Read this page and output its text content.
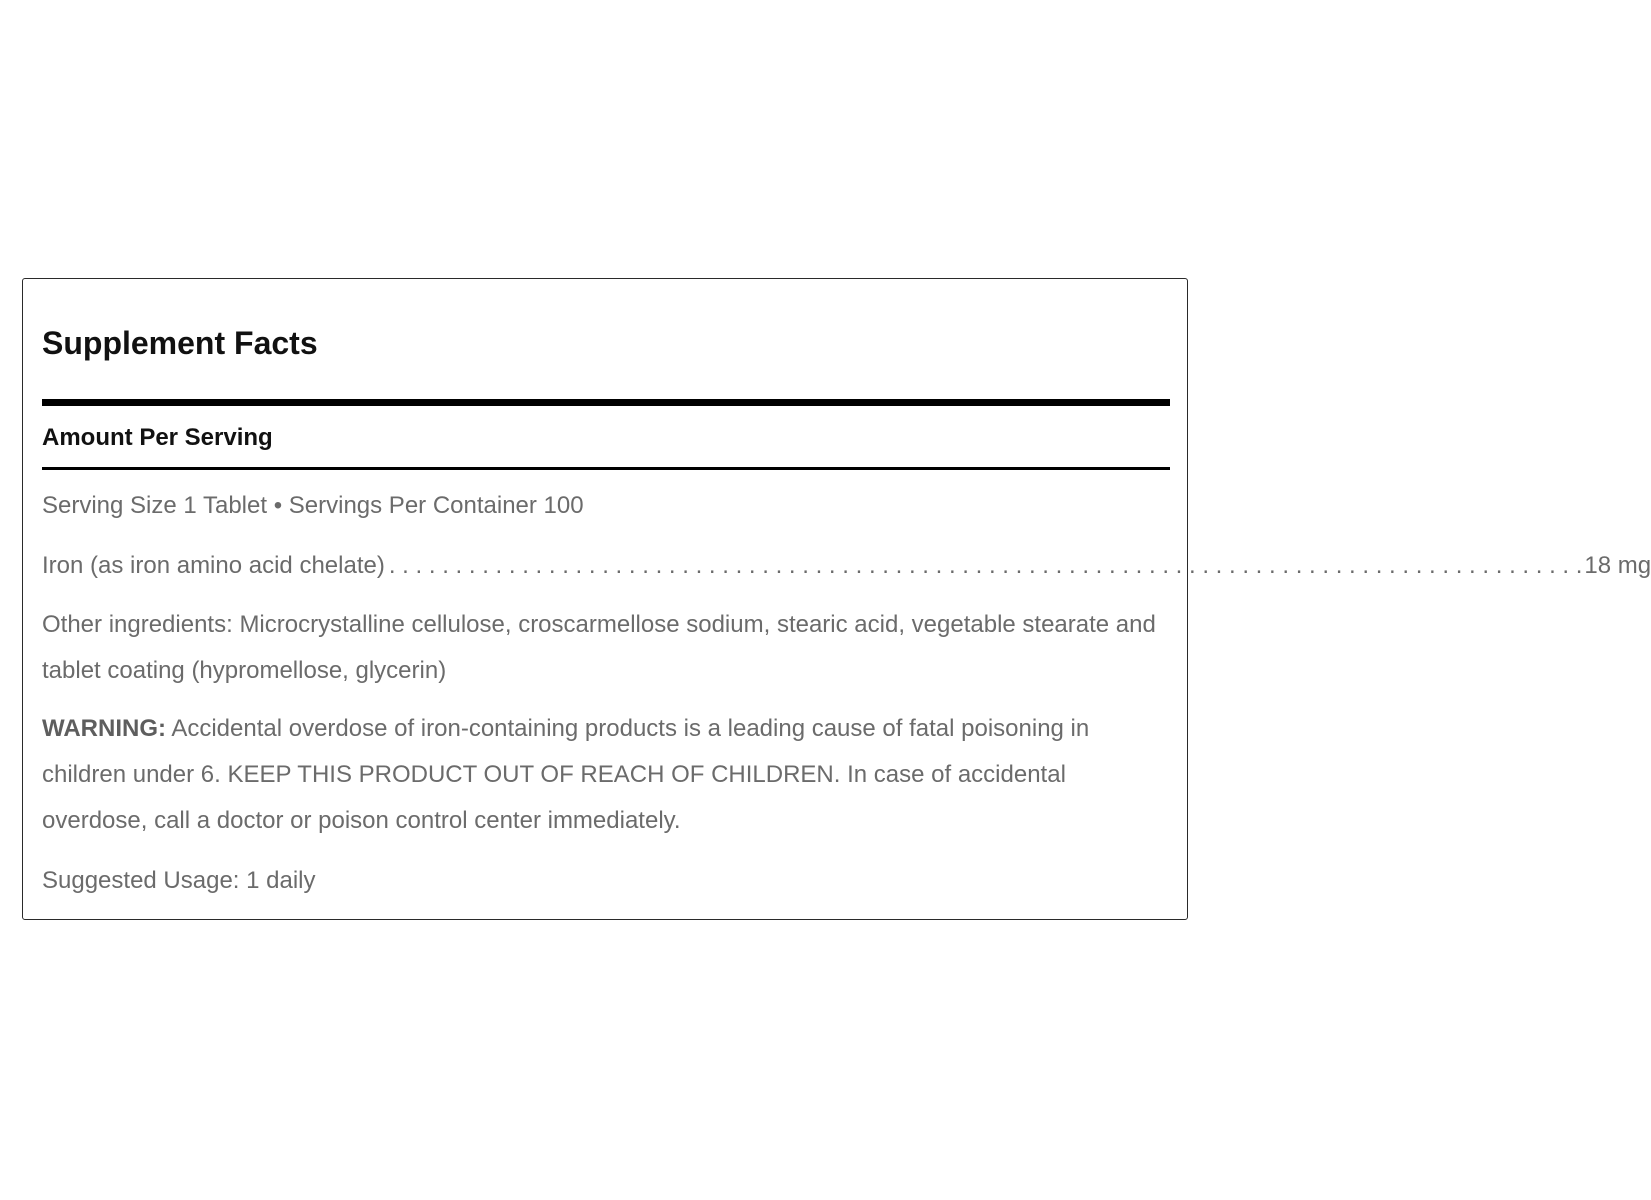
Supplement Facts
Amount Per Serving
Serving Size 1 Tablet • Servings Per Container 100
Iron (as iron amino acid chelate) . . . . . . . . . . . . . . . . . . . . . . . . . . . . . . . . . . . . . . . . . . . . . . . . . . . . . . . . . . . . . . . . . . . . . . . . . . . . . . . . . . . . . . . . . . 18 mg
Other ingredients: Microcrystalline cellulose, croscarmellose sodium, stearic acid, vegetable stearate and tablet coating (hypromellose, glycerin)
WARNING: Accidental overdose of iron-containing products is a leading cause of fatal poisoning in children under 6. KEEP THIS PRODUCT OUT OF REACH OF CHILDREN. In case of accidental overdose, call a doctor or poison control center immediately.
Suggested Usage: 1 daily
